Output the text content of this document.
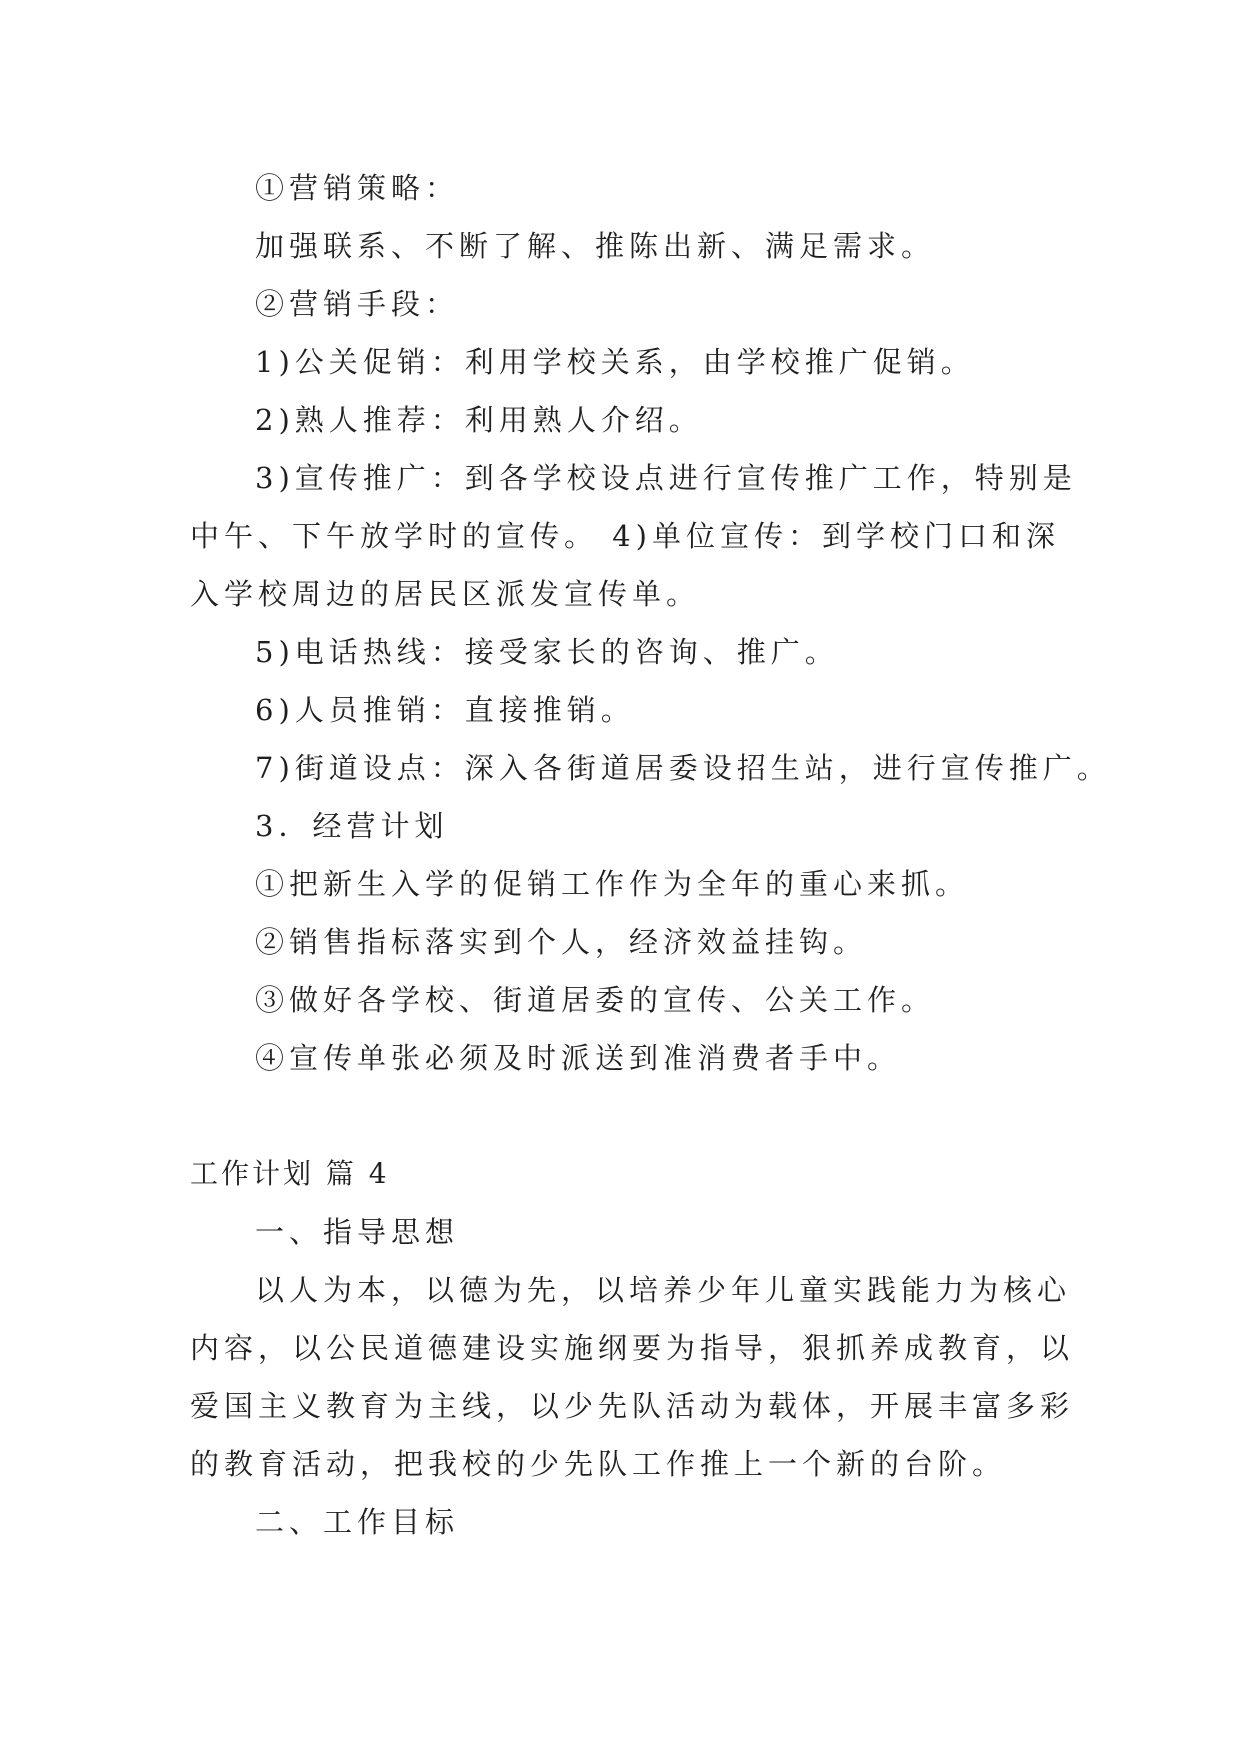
①营销策略：
加强联系、不断了解、推陈出新、满足需求。
②营销手段：
1)公关促销：利用学校关系，由学校推广促销。
2)熟人推荐：利用熟人介绍。
3)宣传推广：到各学校设点进行宣传推广工作，特别是
中午、下午放学时的宣传。 4)单位宣传：到学校门口和深
入学校周边的居民区派发宣传单。
5)电话热线：接受家长的咨询、推广。
6)人员推销：直接推销。
7)街道设点：深入各街道居委设招生站，进行宣传推广。
3．经营计划
①把新生入学的促销工作作为全年的重心来抓。
②销售指标落实到个人，经济效益挂钩。
③做好各学校、街道居委的宣传、公关工作。
④宣传单张必须及时派送到准消费者手中。
工作计划 篇 4
一、指导思想
以人为本，以德为先，以培养少年儿童实践能力为核心
内容，以公民道德建设实施纲要为指导，狠抓养成教育，以
爱国主义教育为主线，以少先队活动为载体，开展丰富多彩
的教育活动，把我校的少先队工作推上一个新的台阶。
二、工作目标
